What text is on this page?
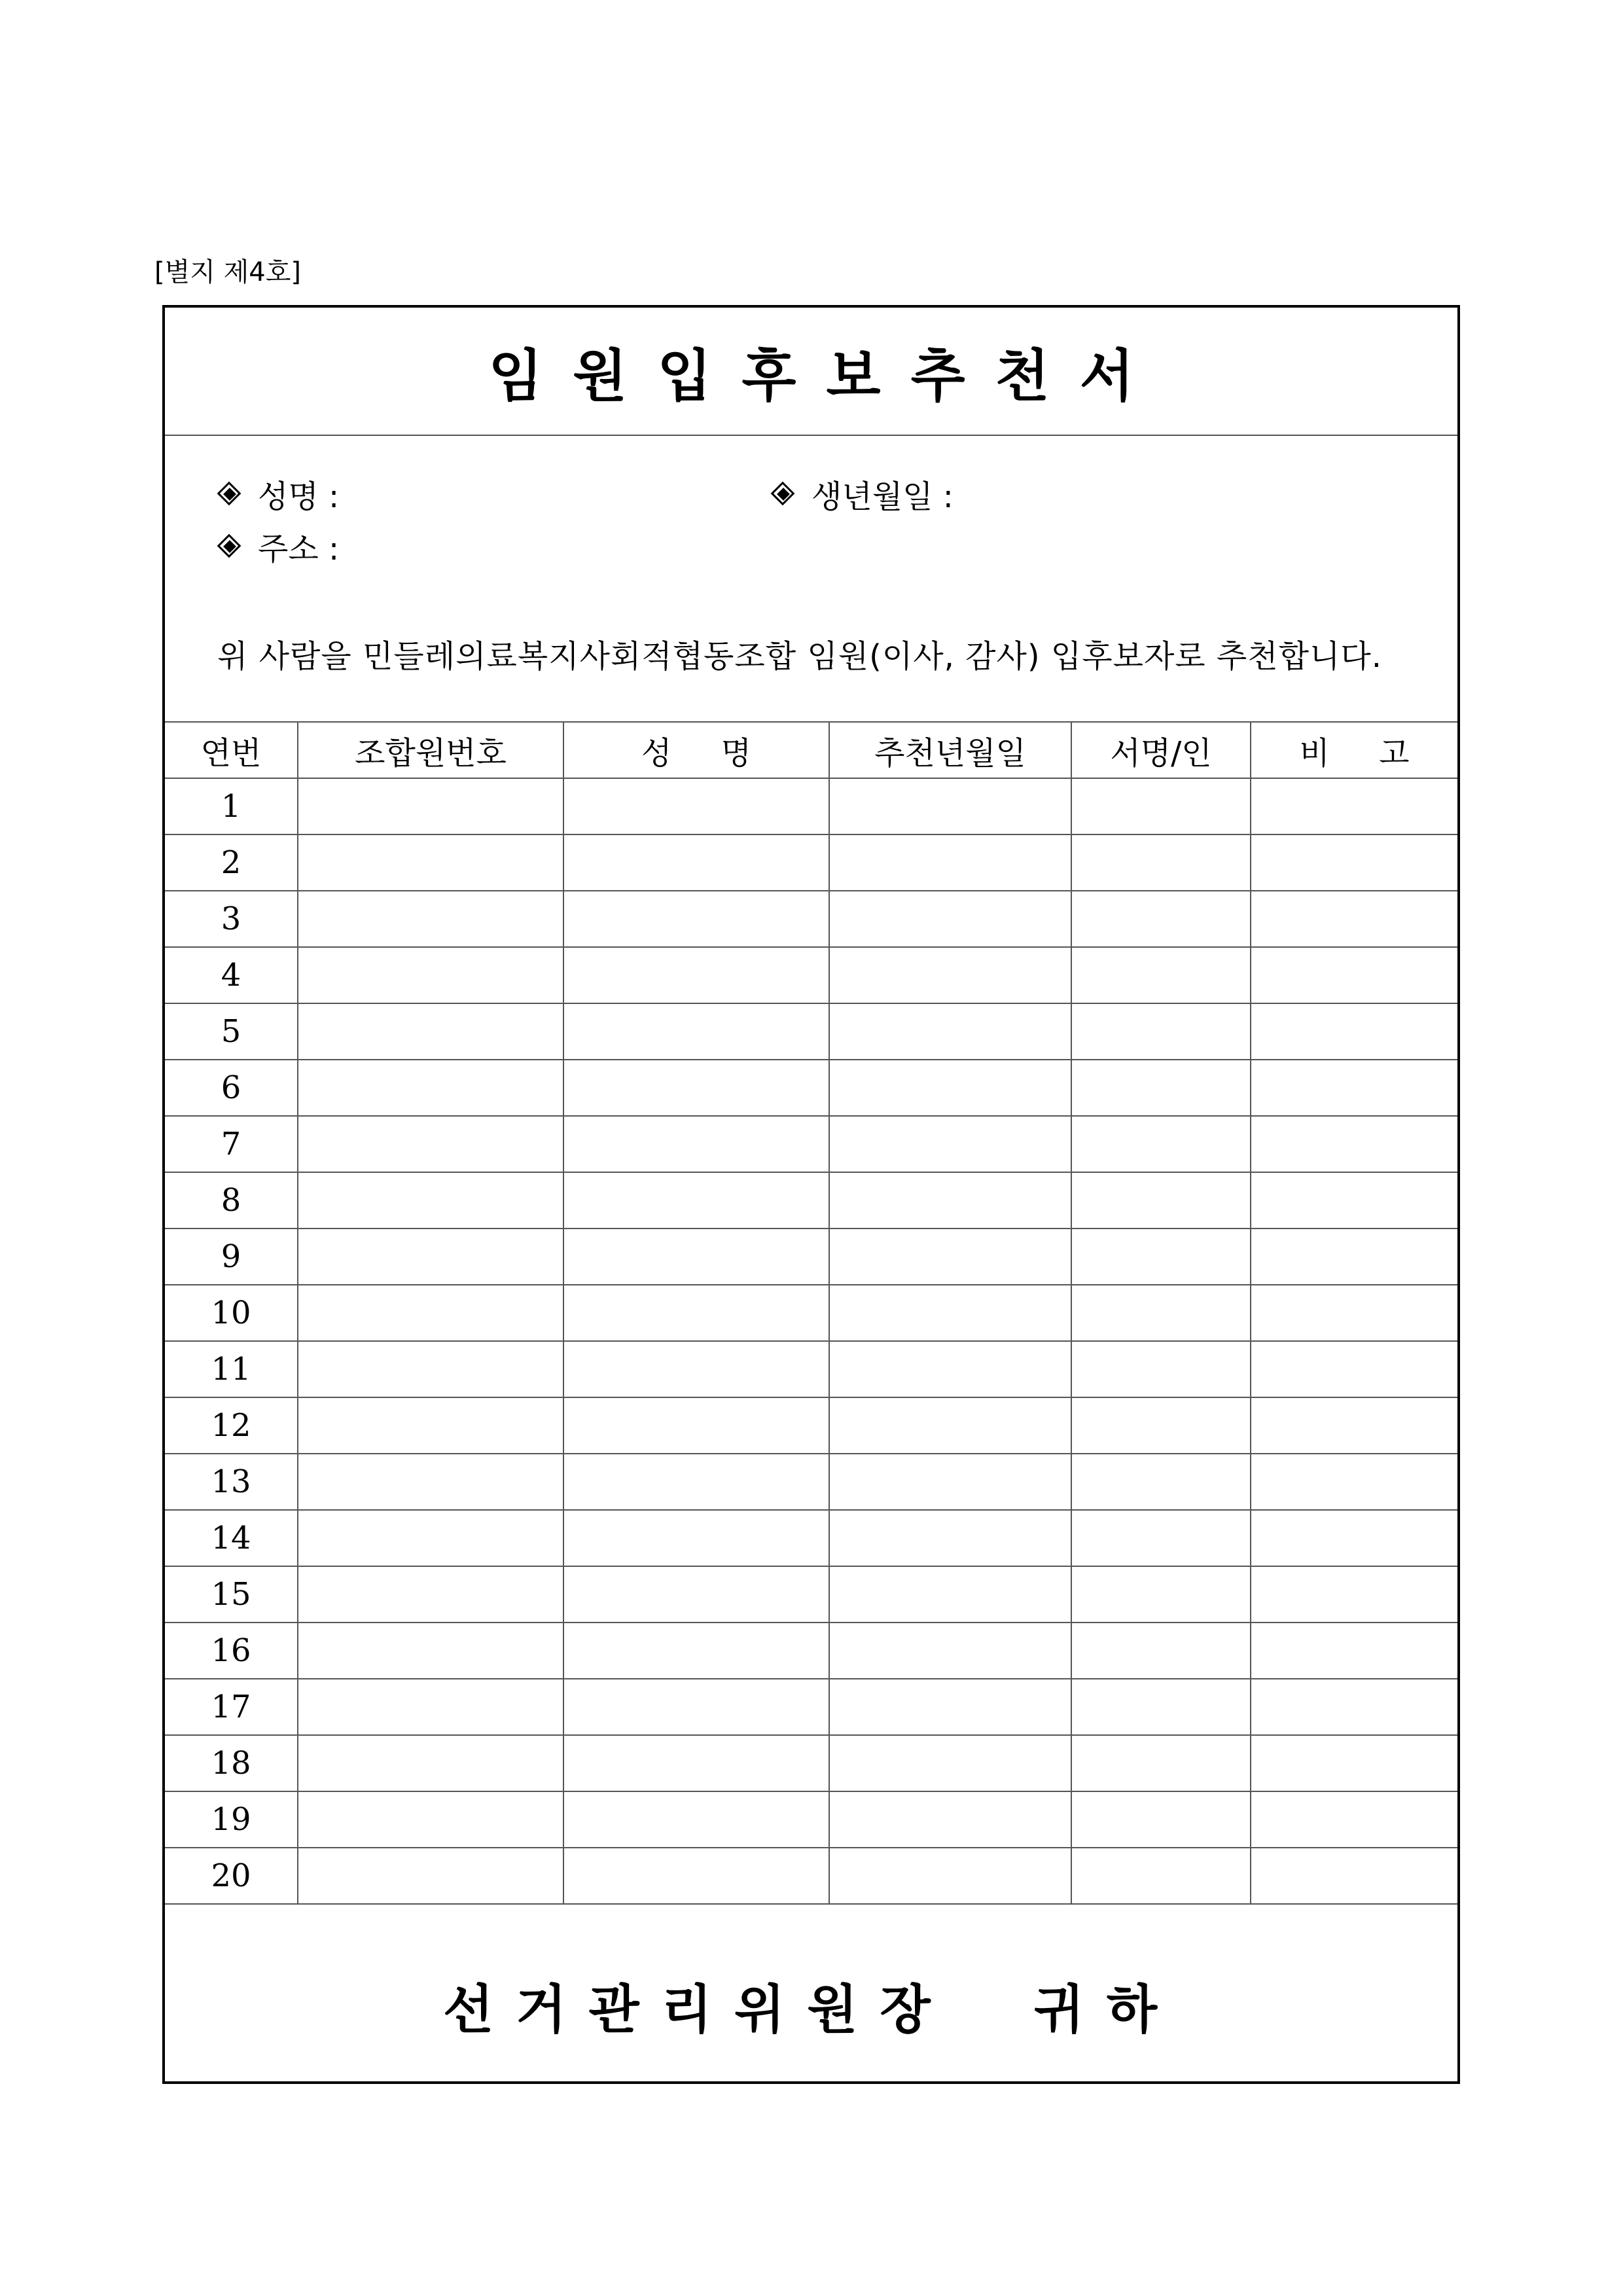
[별지 제4호]
임원입후보추천서
성명 :	생년월일 :
주소 :
위 사람을 민들레의료복지사회적협동조합 임원(이사, 감사) 입후보자로 추천합니다.
연번	조합원번호	성 명	추천년월일	서명/인	비 고
1					
2					
3					
4					
5					
6					
7					
8					
9					
10					
11					
12					
13					
14					
15					
16					
17					
18					
19					
20					
선거관리위원장  귀하
